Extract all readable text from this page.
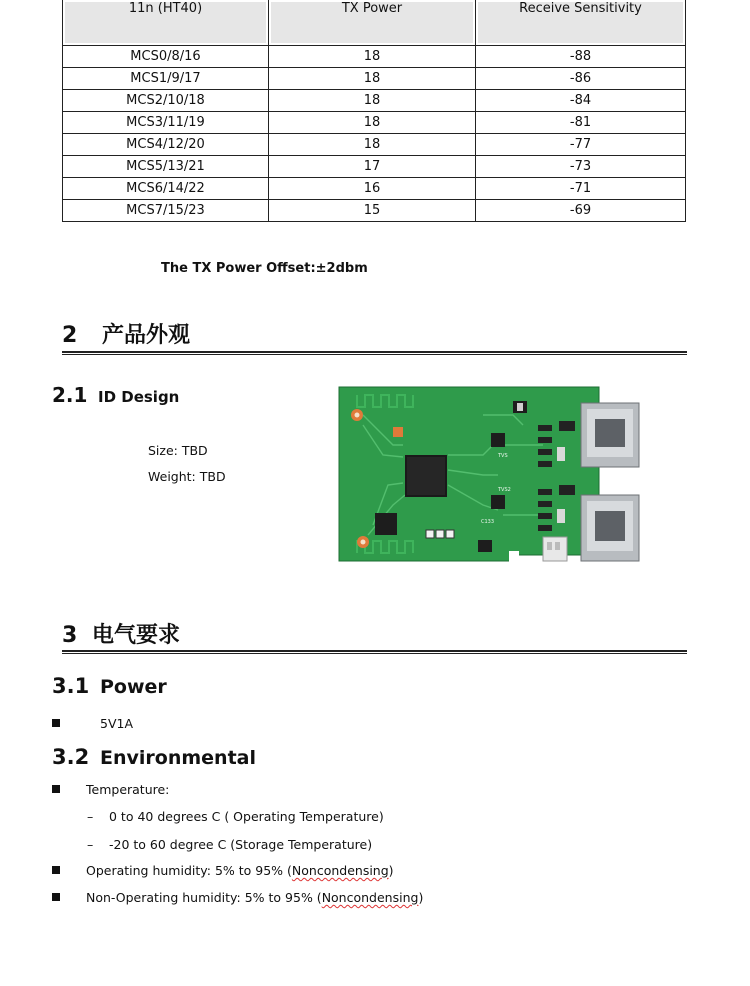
11n (HT40)	TX Power	Receive Sensitivity
MCS0/8/16	18	-88
MCS1/9/17	18	-86
MCS2/10/18	18	-84
MCS3/11/19	18	-81
MCS4/12/20	18	-77
MCS5/13/21	17	-73
MCS6/14/22	16	-71
MCS7/15/23	15	-69
The TX Power Offset:±2dbm
2 产品外观
2.1 ID Design
Size: TBD
Weight: TBD
C133
TVS
TVS2
3 电气要求
3.1 Power
5V1A
3.2 Environmental
Temperature:
– 0 to 40 degrees C ( Operating Temperature)
– -20 to 60 degree C (Storage Temperature)
Operating humidity: 5% to 95% (Noncondensing)
Non-Operating humidity: 5% to 95% (Noncondensing)
